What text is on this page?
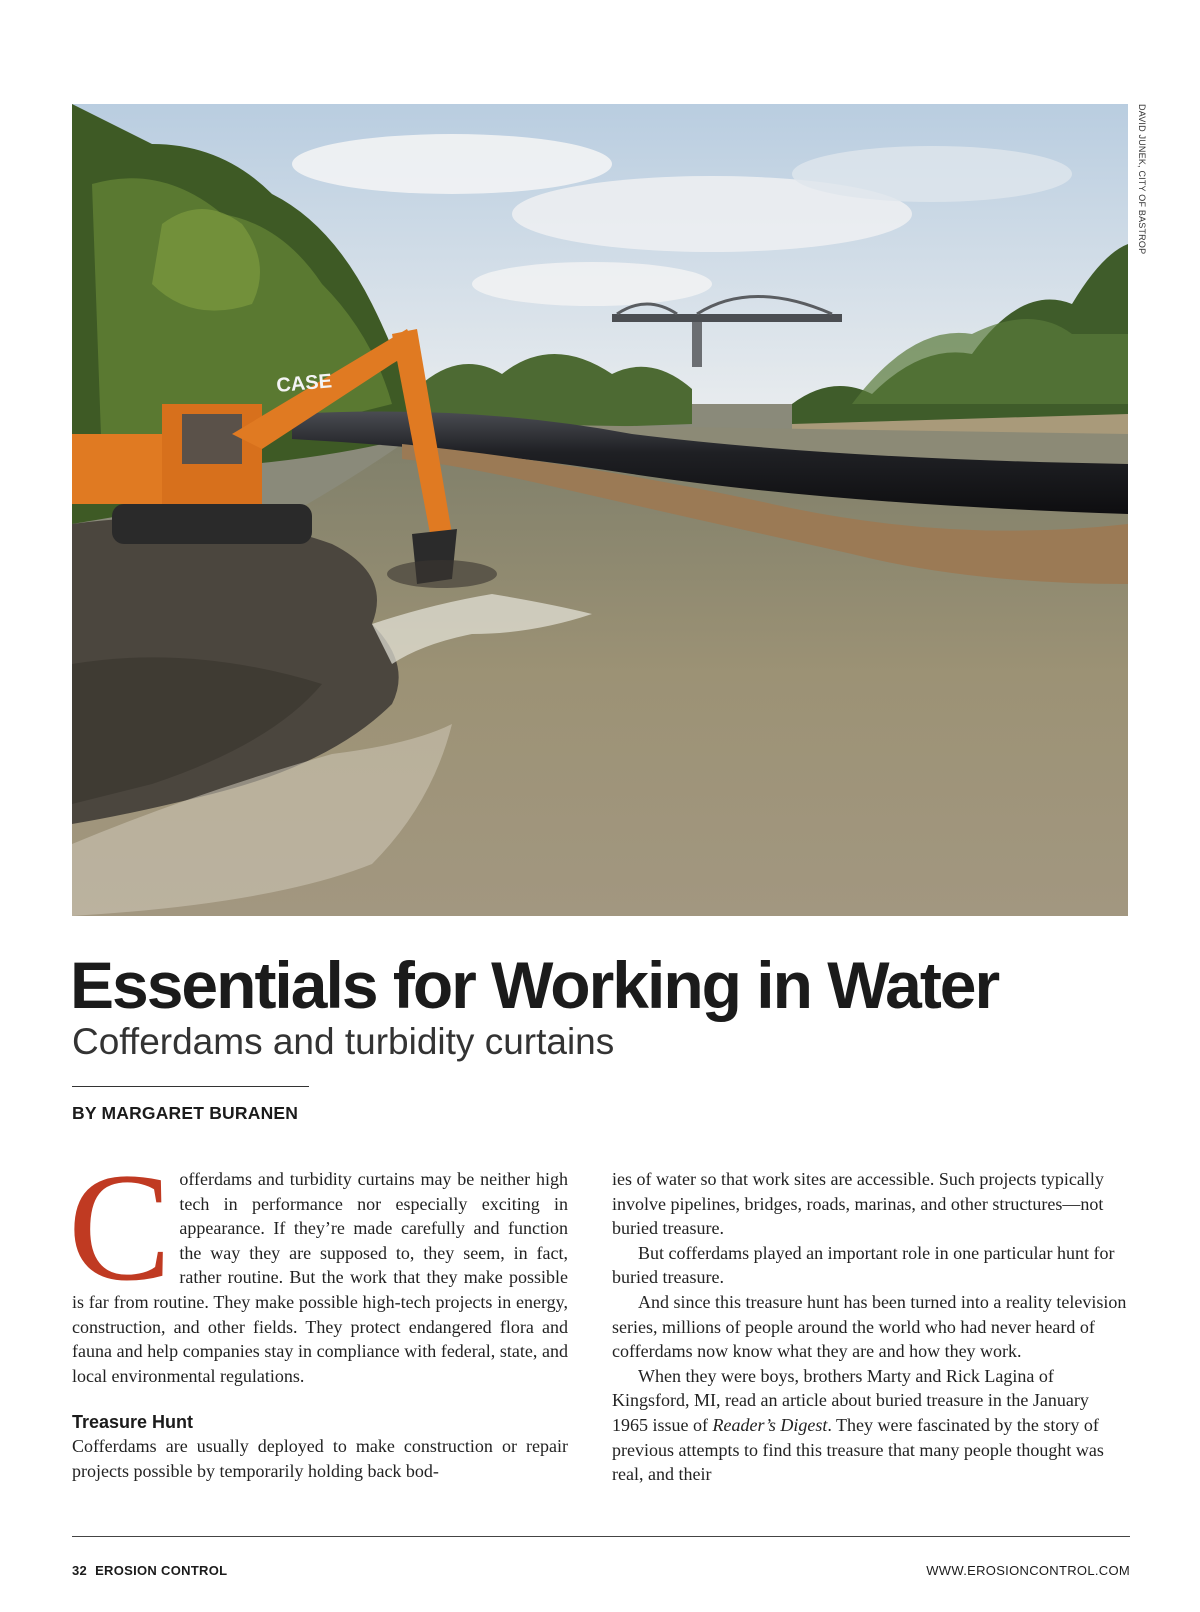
CASE
DAVID JUNEK, CITY OF BASTROP
Essentials for Working in Water
Cofferdams and turbidity curtains
BY MARGARET BURANEN

Cofferdams and turbidity curtains may be neither high tech in performance nor especially exciting in appearance. If they’re made carefully and function the way they are supposed to, they seem, in fact, rather routine. But the work that they make possible is far from routine. They make possible high-tech projects in energy, construction, and other fields. They protect endangered flora and fauna and help companies stay in compliance with federal, state, and local environmental regulations.

Treasure Hunt

Cofferdams are usually deployed to make construction or repair projects possible by temporarily holding back bod-

ies of water so that work sites are accessible. Such projects typically involve pipelines, bridges, roads, marinas, and other structures—not buried treasure.

But cofferdams played an important role in one particular hunt for buried treasure.

And since this treasure hunt has been turned into a reality television series, millions of people around the world who had never heard of cofferdams now know what they are and how they work.

When they were boys, brothers Marty and Rick Lagina of Kingsford, MI, read an article about buried treasure in the January 1965 issue of Reader’s Digest. They were fascinated by the story of previous attempts to find this treasure that many people thought was real, and their

32 EROSION CONTROL	WWW.EROSIONCONTROL.COM
